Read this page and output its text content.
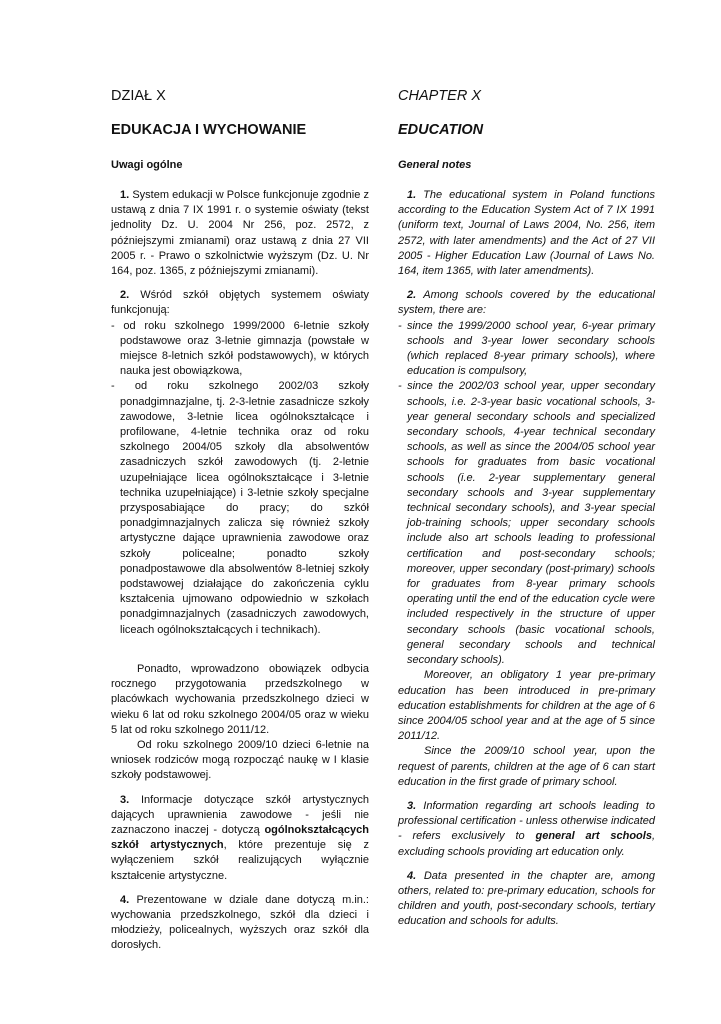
DZIAŁ X
EDUKACJA I WYCHOWANIE
Uwagi ogólne

1. System edukacji w Polsce funkcjonuje zgodnie z ustawą z dnia 7 IX 1991 r. o systemie oświaty (tekst jednolity Dz. U. 2004 Nr 256, poz. 2572, z późniejszymi zmianami) oraz ustawą z dnia 27 VII 2005 r. - Prawo o szkolnictwie wyższym (Dz. U. Nr 164, poz. 1365, z późniejszymi zmianami).

2. Wśród szkół objętych systemem oświaty funkcjonują:

- od roku szkolnego 1999/2000 6-letnie szkoły podstawowe oraz 3-letnie gimnazja (powstałe w miejsce 8-letnich szkół podstawowych), w których nauka jest obowiązkowa,
- od roku szkolnego 2002/03 szkoły ponadgimnazjalne, tj. 2-3-letnie zasadnicze szkoły zawodowe, 3-letnie licea ogólnokształcące i profilowane, 4-letnie technika oraz od roku szkolnego 2004/05 szkoły dla absolwentów zasadniczych szkół zawodowych (tj. 2-letnie uzupełniające licea ogólnokształcące i 3-letnie technika uzupełniające) i 3-letnie szkoły specjalne przysposabiające do pracy; do szkół ponadgimnazjalnych zalicza się również szkoły artystyczne dające uprawnienia zawodowe oraz szkoły policealne; ponadto szkoły ponadpostawowe dla absolwentów 8-letniej szkoły podstawowej działające do zakończenia cyklu kształcenia ujmowano odpowiednio w szkołach ponadgimnazjalnych (zasadniczych zawodowych, liceach ogólnokształcących i technikach).

Ponadto, wprowadzono obowiązek odbycia rocznego przygotowania przedszkolnego w placówkach wychowania przedszkolnego dzieci w wieku 6 lat od roku szkolnego 2004/05 oraz w wieku 5 lat od roku szkolnego 2011/12.

Od roku szkolnego 2009/10 dzieci 6-letnie na wniosek rodziców mogą rozpocząć naukę w I klasie szkoły podstawowej.

3. Informacje dotyczące szkół artystycznych dających uprawnienia zawodowe - jeśli nie zaznaczono inaczej - dotyczą ogólnokształcących szkół artystycznych, które prezentuje się z wyłączeniem szkół realizujących wyłącznie kształcenie artystyczne.

4. Prezentowane w dziale dane dotyczą m.in.: wychowania przedszkolnego, szkół dla dzieci i młodzieży, policealnych, wyższych oraz szkół dla dorosłych.

CHAPTER X
EDUCATION
General notes

1. The educational system in Poland functions according to the Education System Act of 7 IX 1991 (uniform text, Journal of Laws 2004, No. 256, item 2572, with later amendments) and the Act of 27 VII 2005 - Higher Education Law (Journal of Laws No. 164, item 1365, with later amendments).

2. Among schools covered by the educational system, there are:

- since the 1999/2000 school year, 6-year primary schools and 3-year lower secondary schools (which replaced 8-year primary schools), where education is compulsory,
- since the 2002/03 school year, upper secondary schools, i.e. 2-3-year basic vocational schools, 3-year general secondary schools and specialized secondary schools, 4-year technical secondary schools, as well as since the 2004/05 school year schools for graduates from basic vocational schools (i.e. 2-year supplementary general secondary schools and 3-year supplementary technical secondary schools), and 3-year special job-training schools; upper secondary schools include also art schools leading to professional certification and post-secondary schools; moreover, upper secondary (post-primary) schools for graduates from 8-year primary schools operating until the end of the education cycle were included respectively in the structure of upper secondary schools (basic vocational schools, general secondary schools and technical secondary schools).

Moreover, an obligatory 1 year pre-primary education has been introduced in pre-primary education establishments for children at the age of 6 since 2004/05 school year and at the age of 5 since 2011/12.

Since the 2009/10 school year, upon the request of parents, children at the age of 6 can start education in the first grade of primary school.

3. Information regarding art schools leading to professional certification - unless otherwise indicated - refers exclusively to general art schools, excluding schools providing art education only.

4. Data presented in the chapter are, among others, related to: pre-primary education, schools for children and youth, post-secondary schools, tertiary education and schools for adults.
